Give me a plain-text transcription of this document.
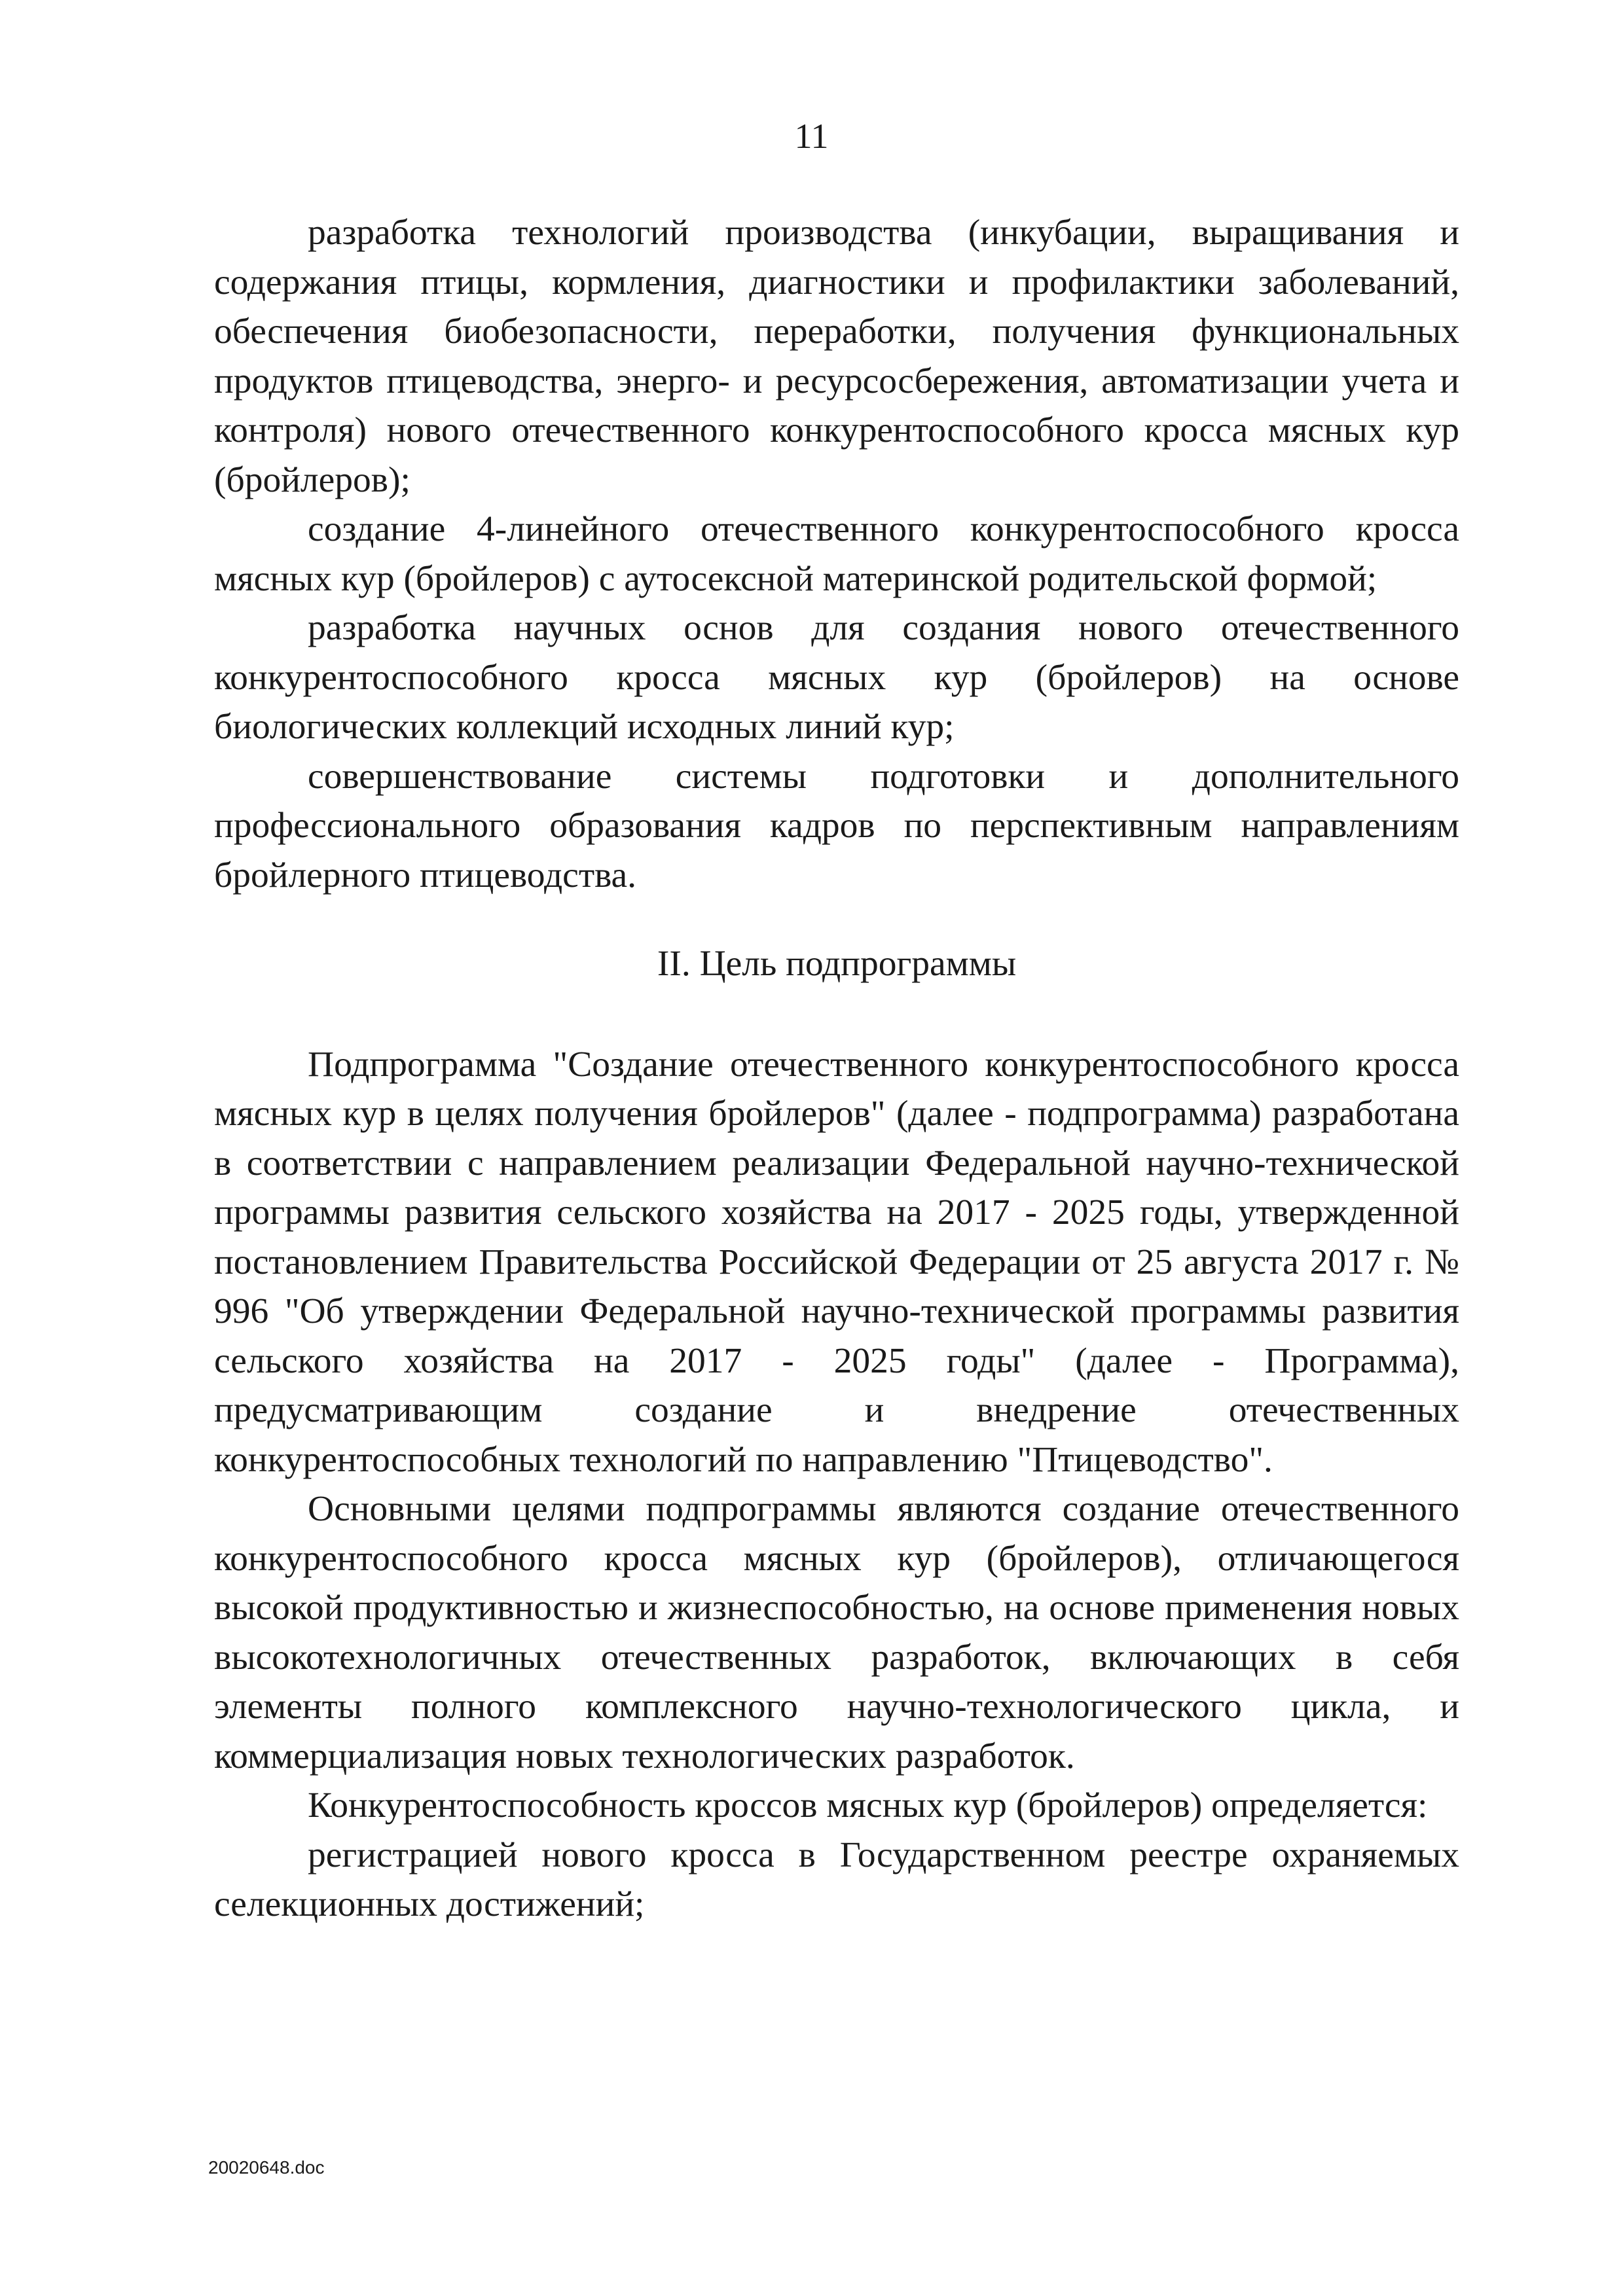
11

разработка технологий производства (инкубации, выращивания и содержания птицы, кормления, диагностики и профилактики заболеваний, обеспечения биобезопасности, переработки, получения функциональных продуктов птицеводства, энерго- и ресурсосбережения, автоматизации учета и контроля) нового отечественного конкурентоспособного кросса мясных кур (бройлеров);

создание 4-линейного отечественного конкурентоспособного кросса мясных кур (бройлеров) с аутосексной материнской родительской формой;

разработка научных основ для создания нового отечественного конкурентоспособного кросса мясных кур (бройлеров) на основе биологических коллекций исходных линий кур;

совершенствование системы подготовки и дополнительного профессионального образования кадров по перспективным направлениям бройлерного птицеводства.

II. Цель подпрограммы

Подпрограмма "Создание отечественного конкурентоспособного кросса мясных кур в целях получения бройлеров" (далее - подпрограмма) разработана в соответствии с направлением реализации Федеральной научно-технической программы развития сельского хозяйства на 2017 - 2025 годы, утвержденной постановлением Правительства Российской Федерации от 25 августа 2017 г. № 996 "Об утверждении Федеральной научно-технической программы развития сельского хозяйства на 2017 - 2025 годы" (далее - Программа), предусматривающим создание и внедрение отечественных конкурентоспособных технологий по направлению "Птицеводство".

Основными целями подпрограммы являются создание отечественного конкурентоспособного кросса мясных кур (бройлеров), отличающегося высокой продуктивностью и жизнеспособностью, на основе применения новых высокотехнологичных отечественных разработок, включающих в себя элементы полного комплексного научно-технологического цикла, и коммерциализация новых технологических разработок.

Конкурентоспособность кроссов мясных кур (бройлеров) определяется:

регистрацией нового кросса в Государственном реестре охраняемых селекционных достижений;

20020648.doc
